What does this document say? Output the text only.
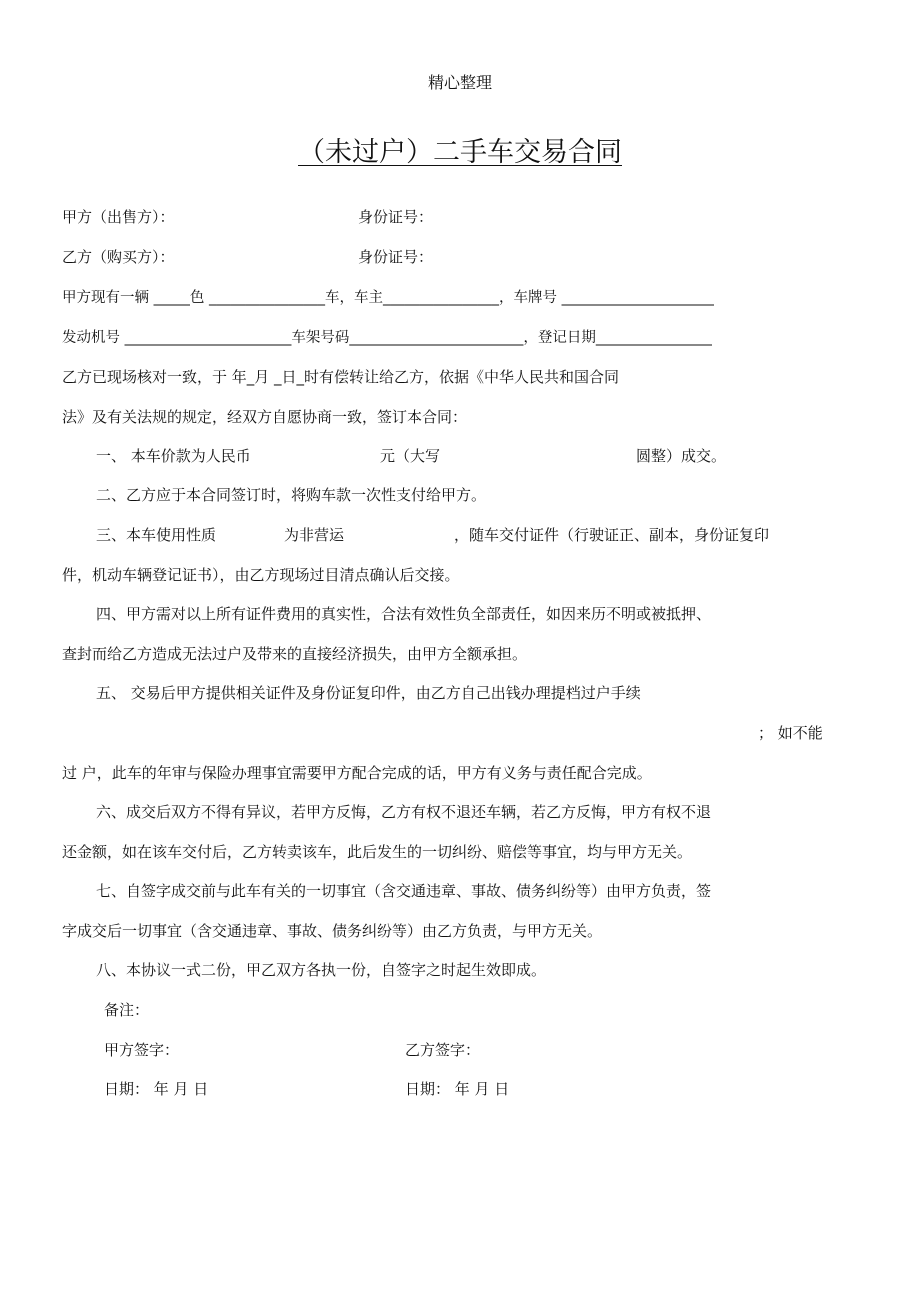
精心整理
（未过户）二手车交易合同
甲方（出售方）：	身份证号：
乙方（购买方）：	身份证号：
甲方现有一辆 _____色 ________________车，车主________________，车牌号 _____________________
发动机号 _______________________车架号码________________________，登记日期________________
乙方已现场核对一致，于 年_月 _日_时有偿转让给乙方，依据《中华人民共和国合同
法》及有关法规的规定，经双方自愿协商一致，签订本合同：
一、 本车价款为人民币	元（大写	圆整）成交。
二、乙方应于本合同签订时，将购车款一次性支付给甲方。
三、本车使用性质	为非营运	，随车交付证件（行驶证正、副本，身份证复印
件，机动车辆登记证书），由乙方现场过目清点确认后交接。
四、甲方需对以上所有证件费用的真实性，合法有效性负全部责任，如因来历不明或被抵押、
查封而给乙方造成无法过户及带来的直接经济损失，由甲方全额承担。
五、 交易后甲方提供相关证件及身份证复印件，由乙方自己出钱办理提档过户手续
； 如不能
过 户，此车的年审与保险办理事宜需要甲方配合完成的话，甲方有义务与责任配合完成。
六、成交后双方不得有异议，若甲方反悔，乙方有权不退还车辆，若乙方反悔，甲方有权不退
还金额，如在该车交付后，乙方转卖该车，此后发生的一切纠纷、赔偿等事宜，均与甲方无关。
七、自签字成交前与此车有关的一切事宜（含交通违章、事故、债务纠纷等）由甲方负责，签
字成交后一切事宜（含交通违章、事故、债务纠纷等）由乙方负责，与甲方无关。
八、本协议一式二份，甲乙双方各执一份，自签字之时起生效即成。
备注：
甲方签字：	乙方签字：
日期： 年 月 日	日期： 年 月 日
